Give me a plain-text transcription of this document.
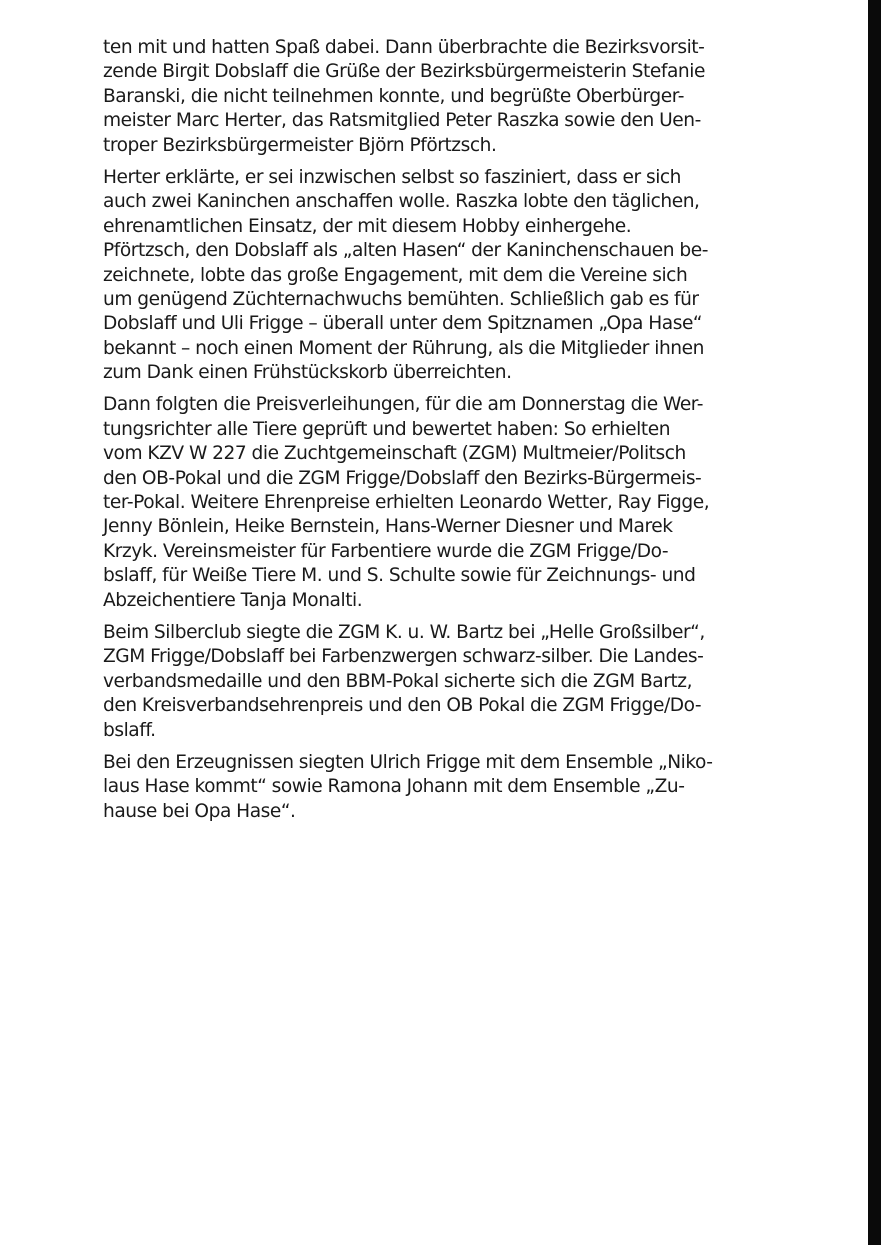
ten mit und hatten Spaß dabei. Dann überbrachte die Bezirksvorsit-
zende Birgit Dobslaff die Grüße der Bezirksbürgermeisterin Stefanie
Baranski, die nicht teilnehmen konnte, und begrüßte Oberbürger-
meister Marc Herter, das Ratsmitglied Peter Raszka sowie den Uen-
troper Bezirksbürgermeister Björn Pförtzsch.
Herter erklärte, er sei inzwischen selbst so fasziniert, dass er sich
auch zwei Kaninchen anschaffen wolle. Raszka lobte den täglichen,
ehrenamtlichen Einsatz, der mit diesem Hobby einhergehe.
Pförtzsch, den Dobslaff als „alten Hasen“ der Kaninchenschauen be-
zeichnete, lobte das große Engagement, mit dem die Vereine sich
um genügend Züchternachwuchs bemühten. Schließlich gab es für
Dobslaff und Uli Frigge – überall unter dem Spitznamen „Opa Hase“
bekannt – noch einen Moment der Rührung, als die Mitglieder ihnen
zum Dank einen Frühstückskorb überreichten.
Dann folgten die Preisverleihungen, für die am Donnerstag die Wer-
tungsrichter alle Tiere geprüft und bewertet haben: So erhielten
vom KZV W 227 die Zuchtgemeinschaft (ZGM) Multmeier/Politsch
den OB-Pokal und die ZGM Frigge/Dobslaff den Bezirks-Bürgermeis-
ter-Pokal. Weitere Ehrenpreise erhielten Leonardo Wetter, Ray Figge,
Jenny Bönlein, Heike Bernstein, Hans-Werner Diesner und Marek
Krzyk. Vereinsmeister für Farbentiere wurde die ZGM Frigge/Do-
bslaff, für Weiße Tiere M. und S. Schulte sowie für Zeichnungs- und
Abzeichentiere Tanja Monalti.
Beim Silberclub siegte die ZGM K. u. W. Bartz bei „Helle Großsilber“,
ZGM Frigge/Dobslaff bei Farbenzwergen schwarz-silber. Die Landes-
verbandsmedaille und den BBM-Pokal sicherte sich die ZGM Bartz,
den Kreisverbandsehrenpreis und den OB Pokal die ZGM Frigge/Do-
bslaff.
Bei den Erzeugnissen siegten Ulrich Frigge mit dem Ensemble „Niko-
laus Hase kommt“ sowie Ramona Johann mit dem Ensemble „Zu-
hause bei Opa Hase“.
